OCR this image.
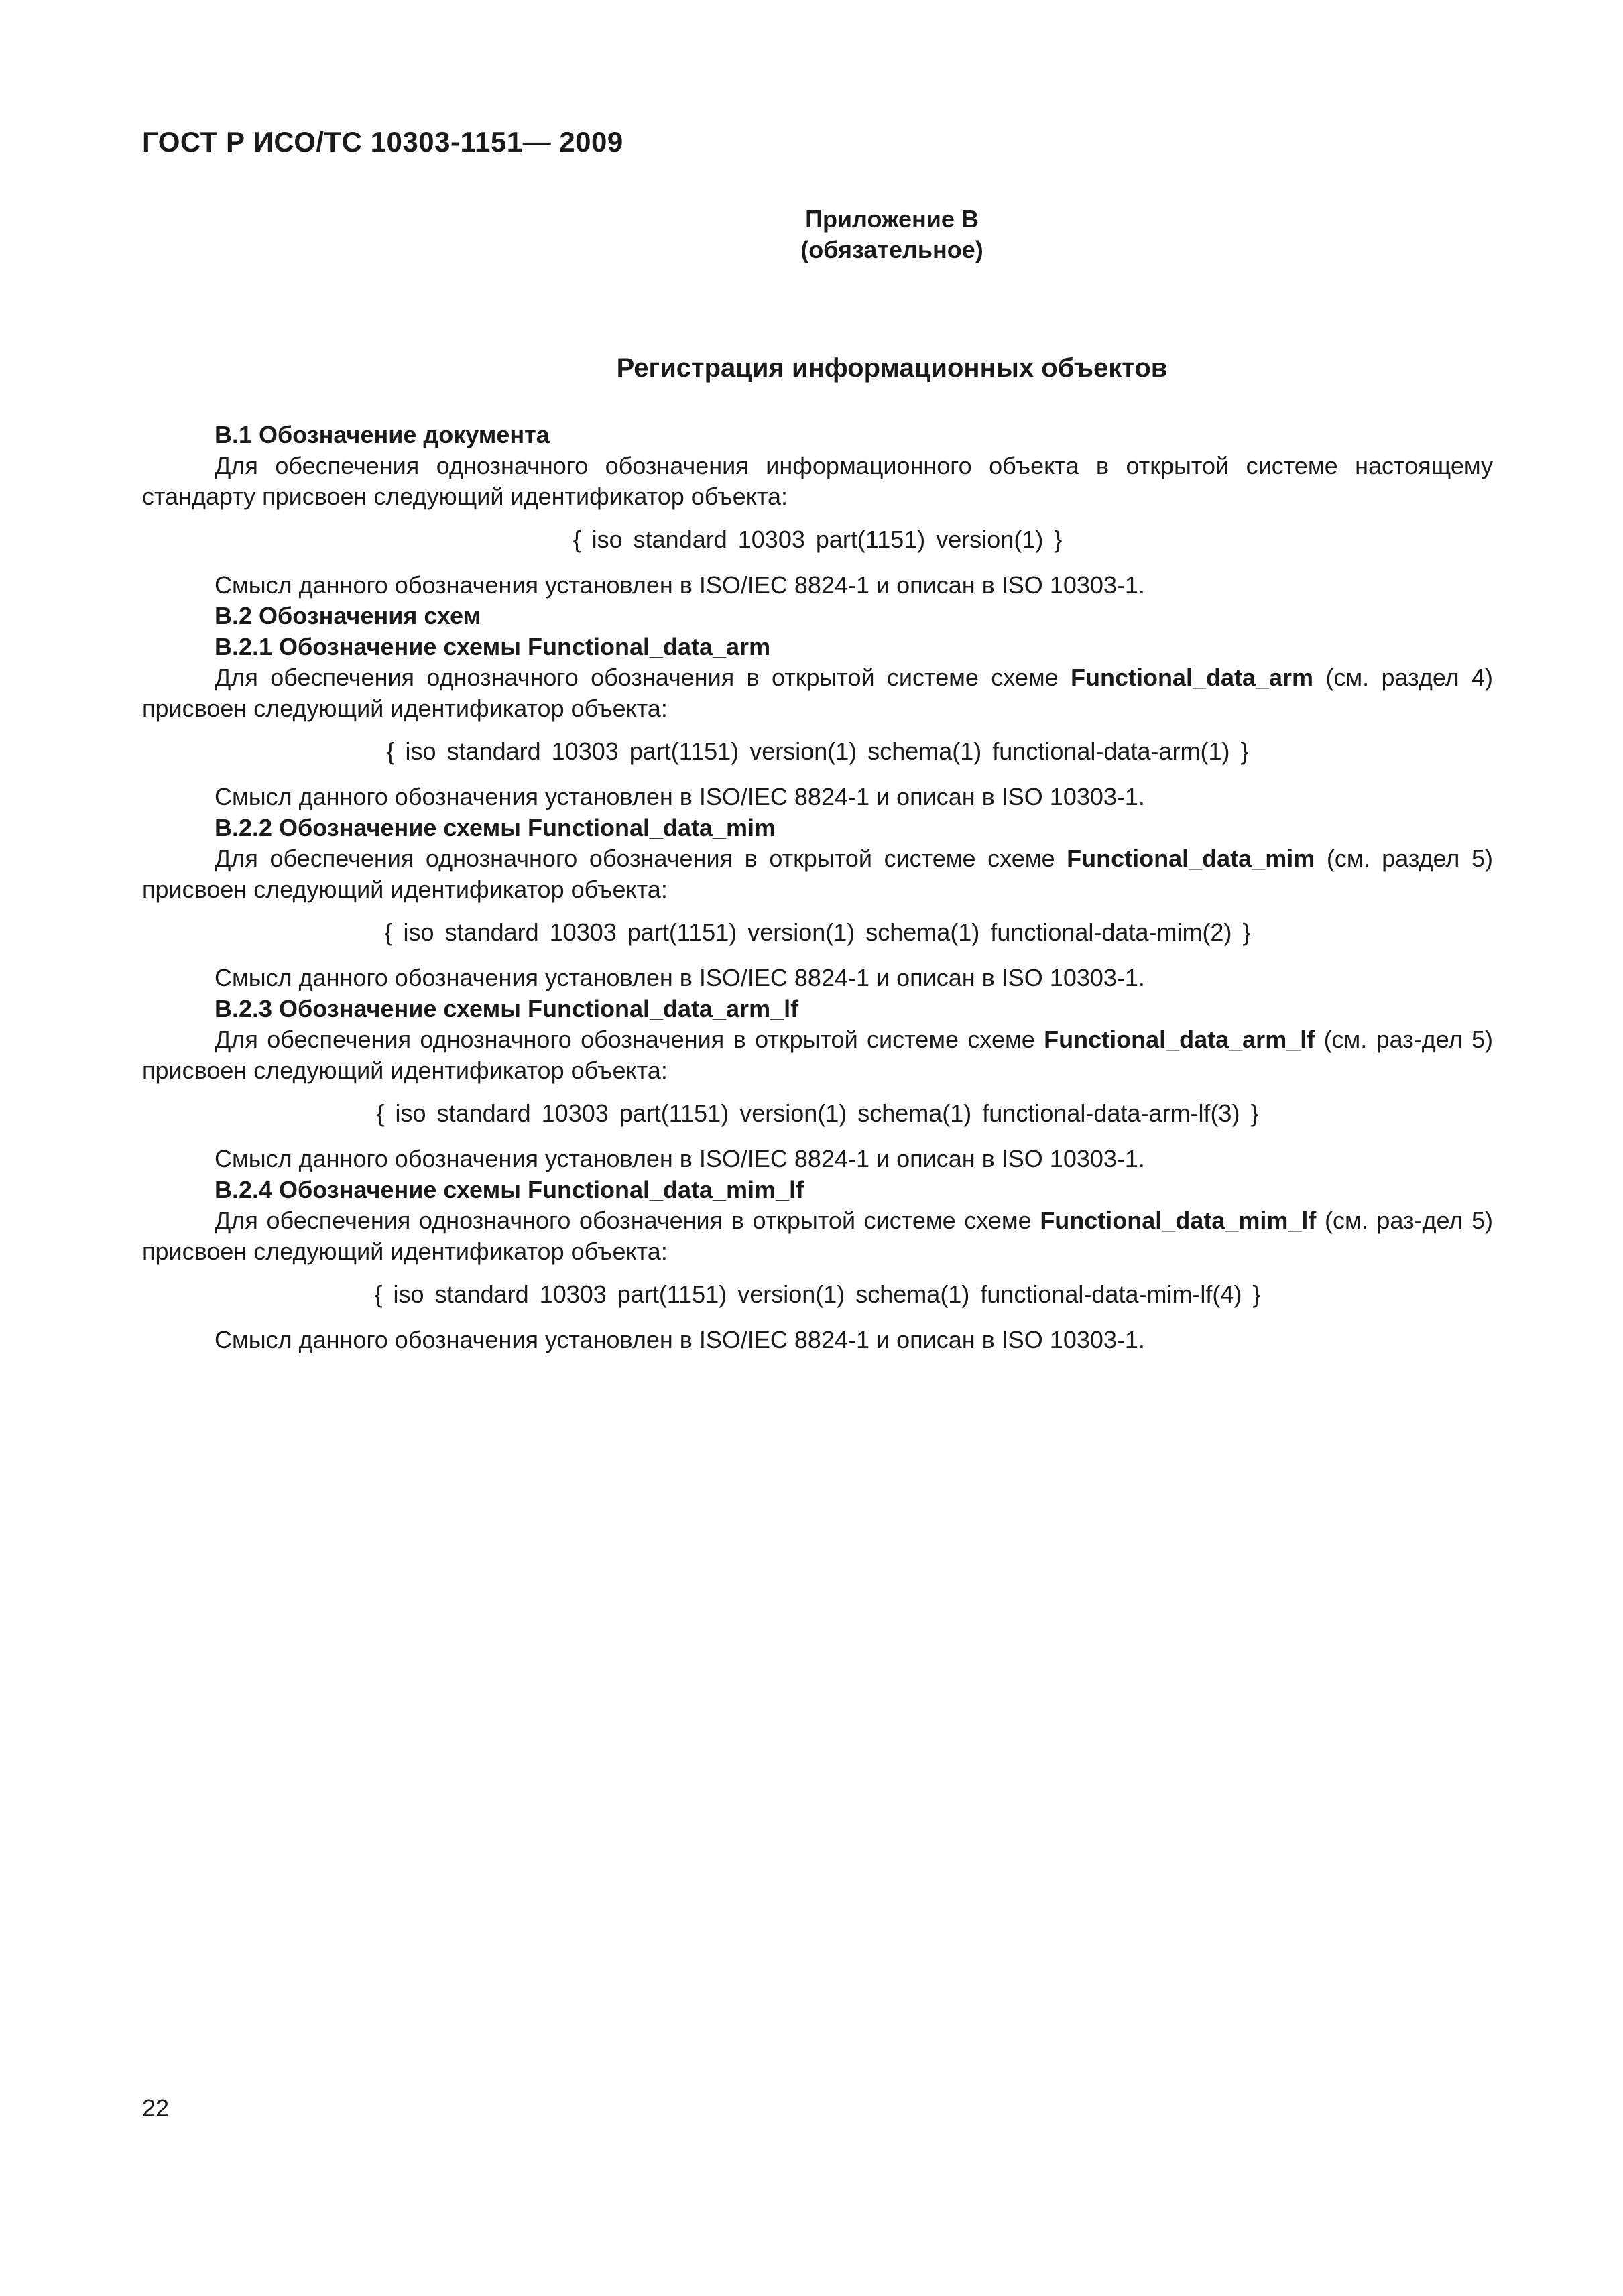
ГОСТ Р ИСО/ТС 10303-1151— 2009
Приложение В
(обязательное)
Регистрация информационных объектов

В.1 Обозначение документа

Для обеспечения однозначного обозначения информационного объекта в открытой системе настоящему стандарту присвоен следующий идентификатор объекта:

{ iso standard 10303 part(1151) version(1) }

Смысл данного обозначения установлен в ISO/IEC 8824-1 и описан в ISO 10303-1.

В.2 Обозначения схем

В.2.1 Обозначение схемы Functional_data_arm

Для обеспечения однозначного обозначения в открытой системе схеме Functional_data_arm (см. раздел 4) присвоен следующий идентификатор объекта:

{ iso standard 10303 part(1151) version(1) schema(1) functional-data-arm(1) }

Смысл данного обозначения установлен в ISO/IEC 8824-1 и описан в ISO 10303-1.

В.2.2 Обозначение схемы Functional_data_mim

Для обеспечения однозначного обозначения в открытой системе схеме Functional_data_mim (см. раздел 5) присвоен следующий идентификатор объекта:

{ iso standard 10303 part(1151) version(1) schema(1) functional-data-mim(2) }

Смысл данного обозначения установлен в ISO/IEC 8824-1 и описан в ISO 10303-1.

В.2.3 Обозначение схемы Functional_data_arm_lf

Для обеспечения однозначного обозначения в открытой системе схеме Functional_data_arm_lf (см. раз-дел 5) присвоен следующий идентификатор объекта:

{ iso standard 10303 part(1151) version(1) schema(1) functional-data-arm-lf(3) }

Смысл данного обозначения установлен в ISO/IEC 8824-1 и описан в ISO 10303-1.

В.2.4 Обозначение схемы Functional_data_mim_lf

Для обеспечения однозначного обозначения в открытой системе схеме Functional_data_mim_lf (см. раз-дел 5) присвоен следующий идентификатор объекта:

{ iso standard 10303 part(1151) version(1) schema(1) functional-data-mim-lf(4) }

Смысл данного обозначения установлен в ISO/IEC 8824-1 и описан в ISO 10303-1.

22
